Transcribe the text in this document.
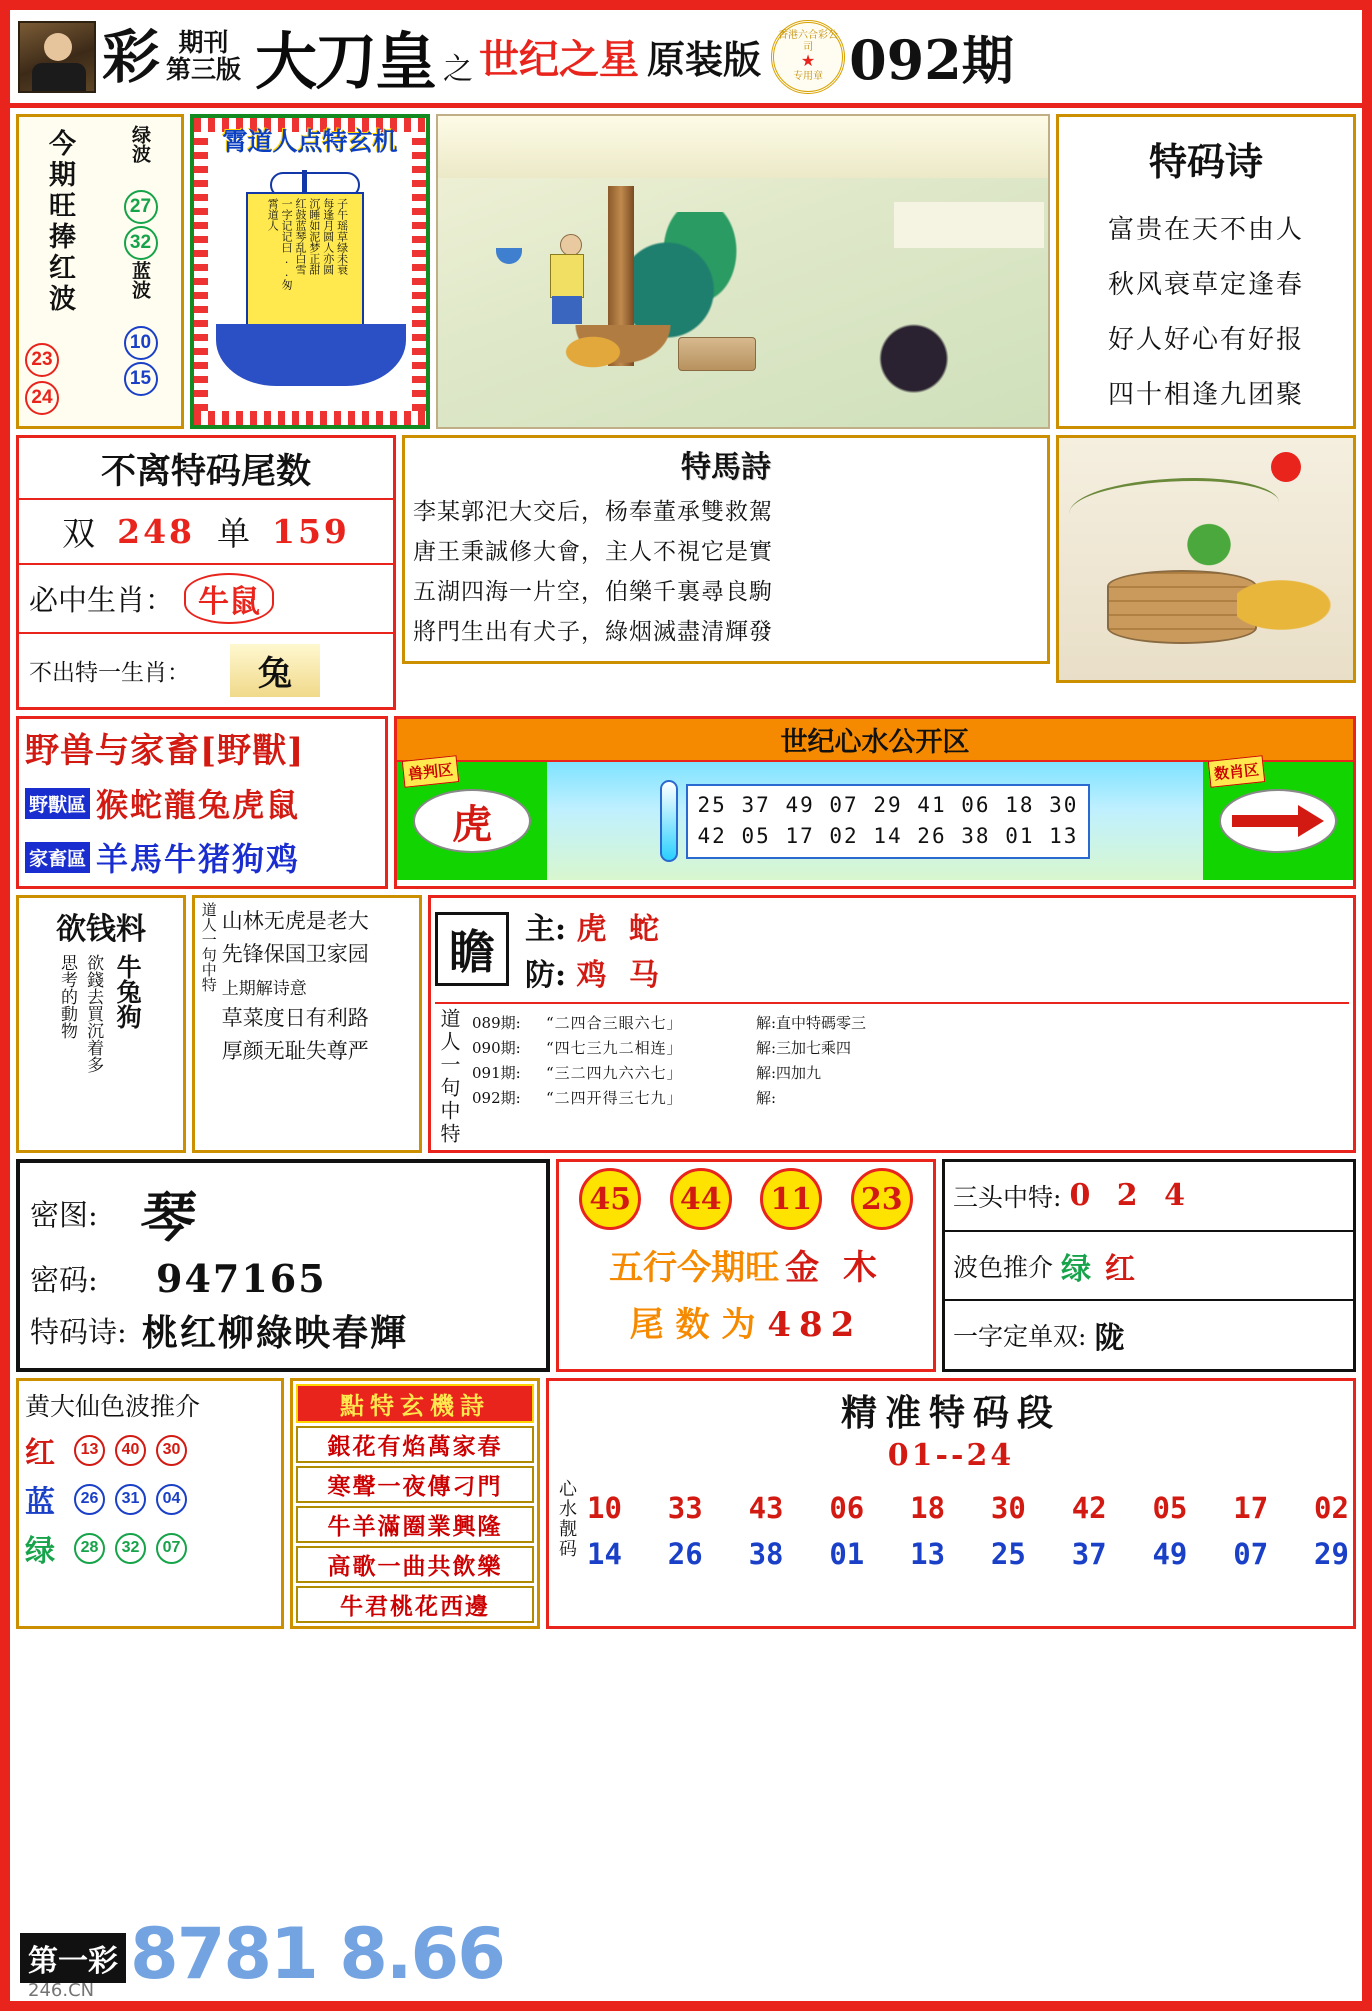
彩 期刊
第三版 大刀皇 之 世纪之星 原装版
香港六合彩公司
★
专用章 092期
今期旺捧红波
23
24
绿波
27
32
蓝波
10
15
霄道人点特玄机
子午瑶草绿未衰
每逢月圆人亦圆
沉睡如泥梦正甜
红鼓蓝琴乱白雪
一字记记曰..匆
霄道人
特码诗
富贵在天不由人
秋风衰草定逢春
好人好心有好报
四十相逢九团聚
不离特码尾数
双 248 单 159
必中生肖： 牛鼠
不出特一生肖：	兔
特馬詩
李某郭汜大交后，杨奉董承雙救駕
唐王秉誠修大會，主人不視它是實
五湖四海一片空，伯樂千裏尋良駒
將門生出有犬子，綠烟滅盡清輝發
野兽与家畜[野獸]
野獸區 猴蛇龍兔虎鼠
家畜區 羊馬牛猪狗鸡
世纪心水公开区
兽判区
虎	25 37 49 07 29 41 06 18 30
42 05 17 02 14 26 38 01 13
数肖区
欲钱料
思考的動物 欲錢去買沉着多 牛兔狗	道人一句中特 山林无虎是老大
先锋保国卫家园
上期解诗意
草菜度日有利路
厚颜无耻失尊严
瞻	主: 虎 蛇
防: 鸡 马
道人一句中特 089期:	“二四合三眼六七」	解:直中特碼零三
090期:	“四七三九二相连」	解:三加七乘四
091期:	“三二四九六六七」	解:四加九
092期:	“二四开得三七九」	解:
密图: 琴
密码:	947165
特码诗: 桃红柳綠映春輝
45	44	11	23
五行今期旺 金 木
尾 数 为 482
三头中特: 0 2 4
波色推介 绿 红
一字定单双: 陇
黄大仙色波推介
红	13	40	30
蓝	26	31	04
绿	28	32	07
點特玄機詩
銀花有焰萬家春
寒聲一夜傳刁門
牛羊滿圈業興隆
高歌一曲共飲樂
牛君桃花西邊
精准特码段
01--24
心水靓码 10 33 43 06 18 30 42 05 17 02
14 26 38 01 13 25 37 49 07 29
第一彩 8781 8.66
246.CN
